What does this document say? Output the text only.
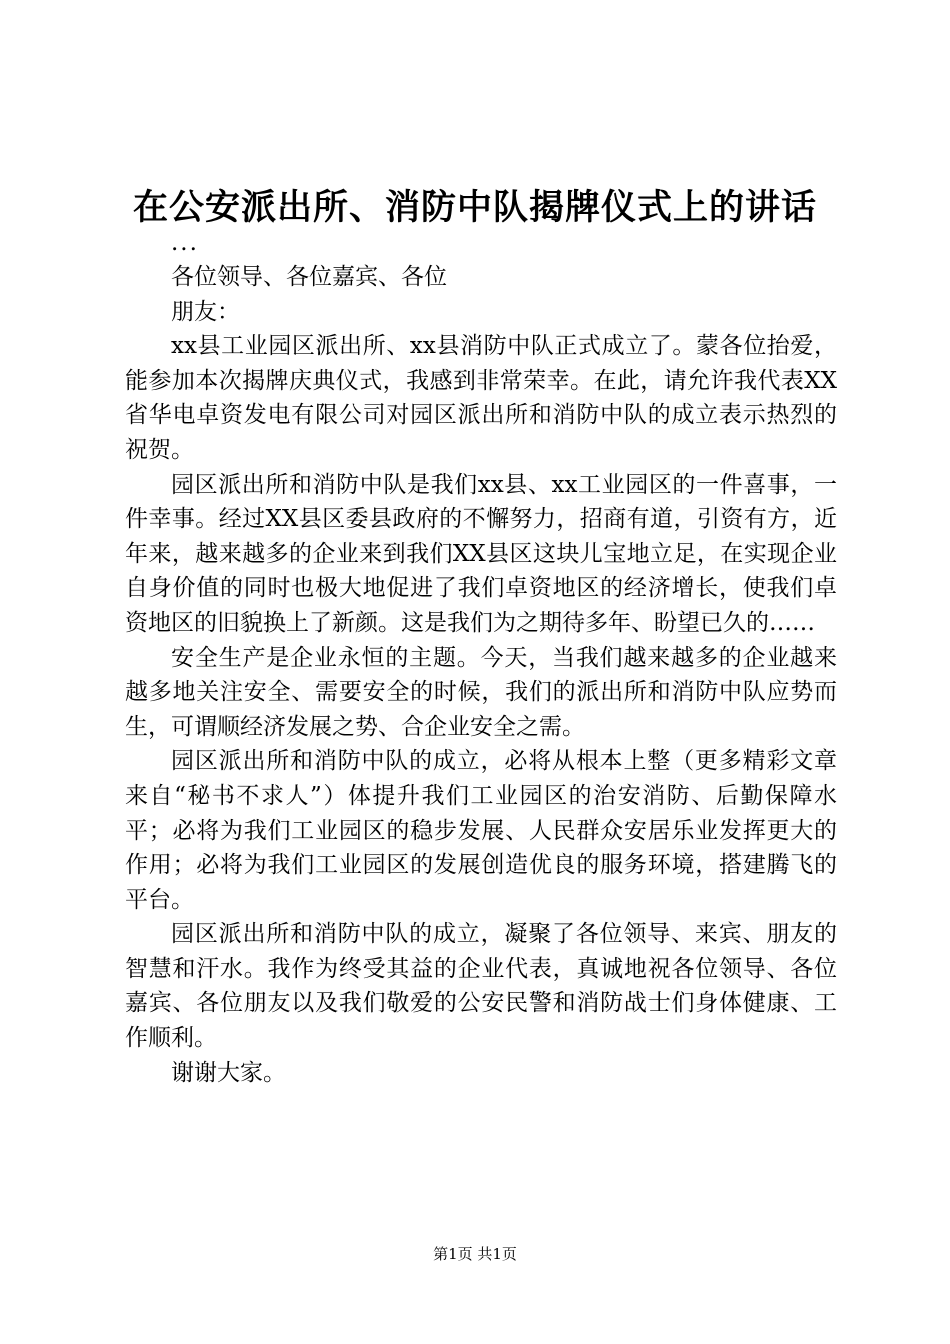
在公安派出所、消防中队揭牌仪式上的讲话

...

各位领导、各位嘉宾、各位

朋友：

xx县工业园区派出所、xx县消防中队正式成立了。蒙各位抬爱，能参加本次揭牌庆典仪式，我感到非常荣幸。在此，请允许我代表XX省华电卓资发电有限公司对园区派出所和消防中队的成立表示热烈的祝贺。

园区派出所和消防中队是我们xx县、xx工业园区的一件喜事，一件幸事。经过XX县区委县政府的不懈努力，招商有道，引资有方，近年来，越来越多的企业来到我们XX县区这块儿宝地立足，在实现企业自身价值的同时也极大地促进了我们卓资地区的经济增长，使我们卓资地区的旧貌换上了新颜。这是我们为之期待多年、盼望已久的……

安全生产是企业永恒的主题。今天，当我们越来越多的企业越来越多地关注安全、需要安全的时候，我们的派出所和消防中队应势而生，可谓顺经济发展之势、合企业安全之需。

园区派出所和消防中队的成立，必将从根本上整（更多精彩文章来自“秘书不求人”）体提升我们工业园区的治安消防、后勤保障水平；必将为我们工业园区的稳步发展、人民群众安居乐业发挥更大的作用；必将为我们工业园区的发展创造优良的服务环境，搭建腾飞的平台。

园区派出所和消防中队的成立，凝聚了各位领导、来宾、朋友的智慧和汗水。我作为终受其益的企业代表，真诚地祝各位领导、各位嘉宾、各位朋友以及我们敬爱的公安民警和消防战士们身体健康、工作顺利。

谢谢大家。

第1页 共1页
